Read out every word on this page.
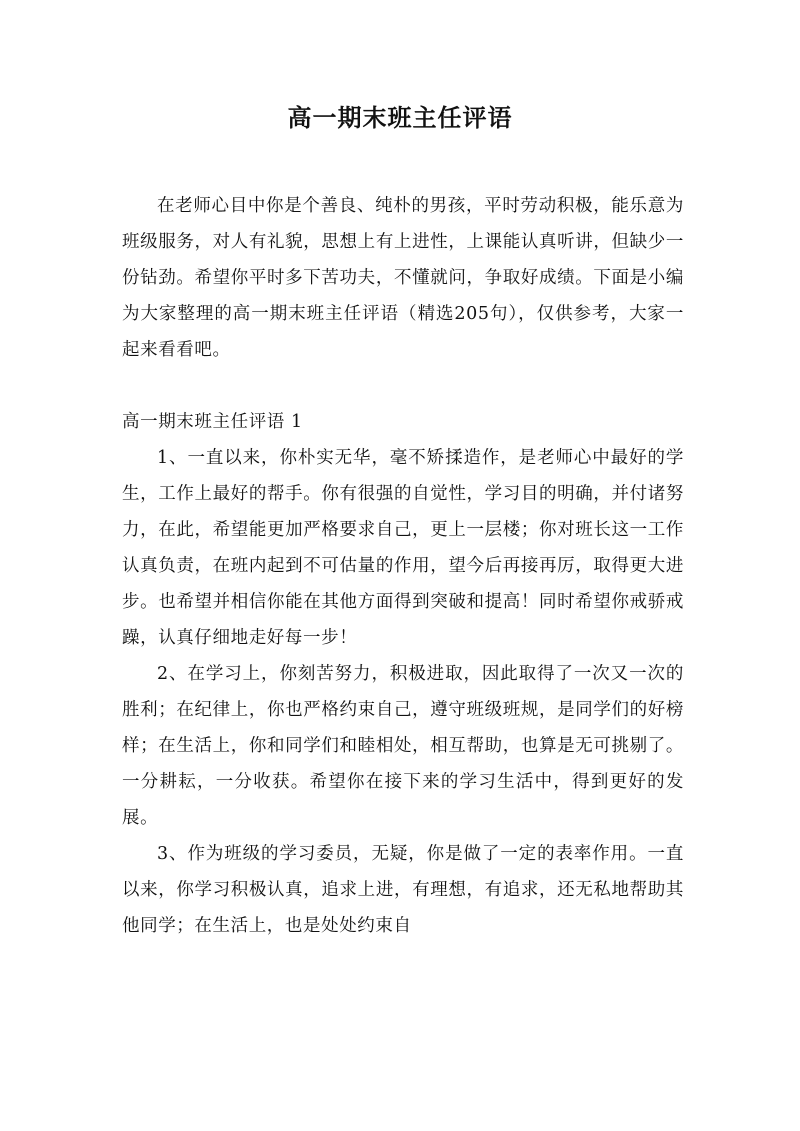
高一期末班主任评语

在老师心目中你是个善良、纯朴的男孩，平时劳动积极，能乐意为班级服务，对人有礼貌，思想上有上进性，上课能认真听讲，但缺少一份钻劲。希望你平时多下苦功夫，不懂就问，争取好成绩。下面是小编为大家整理的高一期末班主任评语（精选205句），仅供参考，大家一起来看看吧。

高一期末班主任评语 1

1、一直以来，你朴实无华，毫不矫揉造作，是老师心中最好的学生，工作上最好的帮手。你有很强的自觉性，学习目的明确，并付诸努力，在此，希望能更加严格要求自己，更上一层楼；你对班长这一工作认真负责，在班内起到不可估量的作用，望今后再接再厉，取得更大进步。也希望并相信你能在其他方面得到突破和提高！同时希望你戒骄戒躁，认真仔细地走好每一步！

2、在学习上，你刻苦努力，积极进取，因此取得了一次又一次的胜利；在纪律上，你也严格约束自己，遵守班级班规，是同学们的好榜样；在生活上，你和同学们和睦相处，相互帮助，也算是无可挑剔了。一分耕耘，一分收获。希望你在接下来的学习生活中，得到更好的发展。

3、作为班级的学习委员，无疑，你是做了一定的表率作用。一直以来，你学习积极认真，追求上进，有理想，有追求，还无私地帮助其他同学；在生活上，也是处处约束自
